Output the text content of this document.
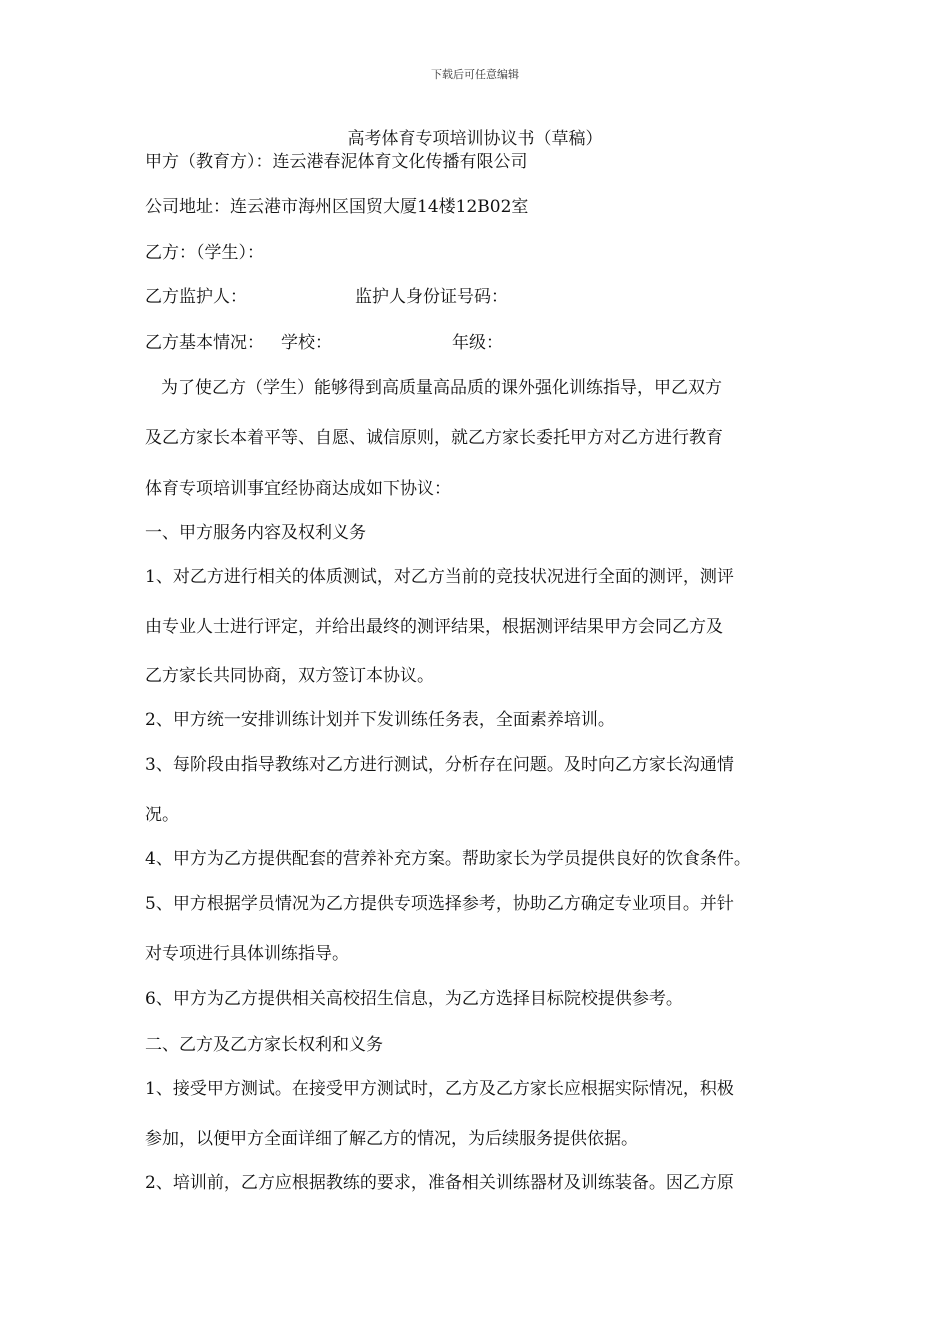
下载后可任意编辑
高考体育专项培训协议书（草稿）
甲方（教育方）：连云港春泥体育文化传播有限公司
公司地址：连云港市海州区国贸大厦14楼12B02室
乙方：（学生）：
乙方监护人：	监护人身份证号码：
乙方基本情况： 学校：	年级：
为了使乙方（学生）能够得到高质量高品质的课外强化训练指导，甲乙双方
及乙方家长本着平等、自愿、诚信原则，就乙方家长委托甲方对乙方进行教育
体育专项培训事宜经协商达成如下协议：
一、甲方服务内容及权利义务
1、对乙方进行相关的体质测试，对乙方当前的竞技状况进行全面的测评，测评
由专业人士进行评定，并给出最终的测评结果，根据测评结果甲方会同乙方及
乙方家长共同协商，双方签订本协议。
2、甲方统一安排训练计划并下发训练任务表，全面素养培训。
3、每阶段由指导教练对乙方进行测试，分析存在问题。及时向乙方家长沟通情
况。
4、甲方为乙方提供配套的营养补充方案。帮助家长为学员提供良好的饮食条件。
5、甲方根据学员情况为乙方提供专项选择参考，协助乙方确定专业项目。并针
对专项进行具体训练指导。
6、甲方为乙方提供相关高校招生信息，为乙方选择目标院校提供参考。
二、乙方及乙方家长权利和义务
1、接受甲方测试。在接受甲方测试时，乙方及乙方家长应根据实际情况，积极
参加，以便甲方全面详细了解乙方的情况，为后续服务提供依据。
2、培训前，乙方应根据教练的要求，准备相关训练器材及训练装备。因乙方原
